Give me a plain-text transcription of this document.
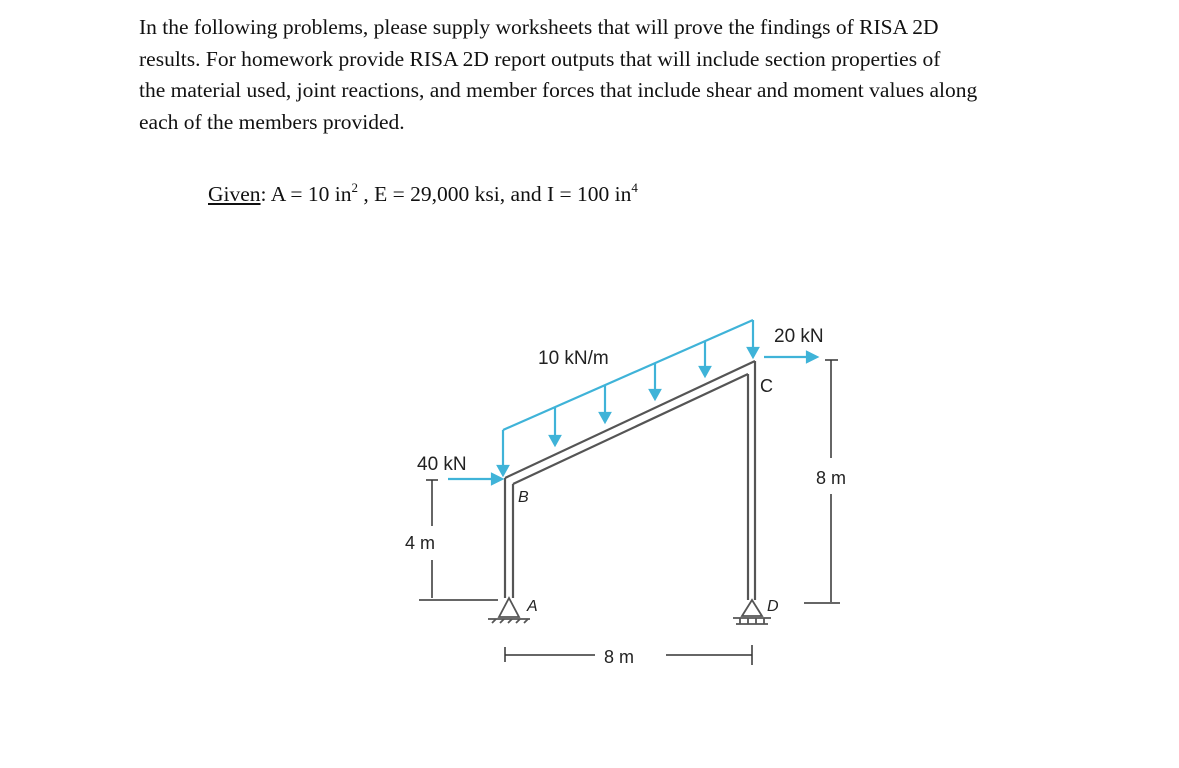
In the following problems, please supply worksheets that will prove the findings of RISA 2D
results. For homework provide RISA 2D report outputs that will include section properties of
the material used, joint reactions, and member forces that include shear and moment values along
each of the members provided.
Given: A = 10 $in^2$ , E = 29,000 ksi, and I = 100 $in^4$
10 kN/m
40 kN
20 kN
4 m
8 m
8 m
A
B
C
D
